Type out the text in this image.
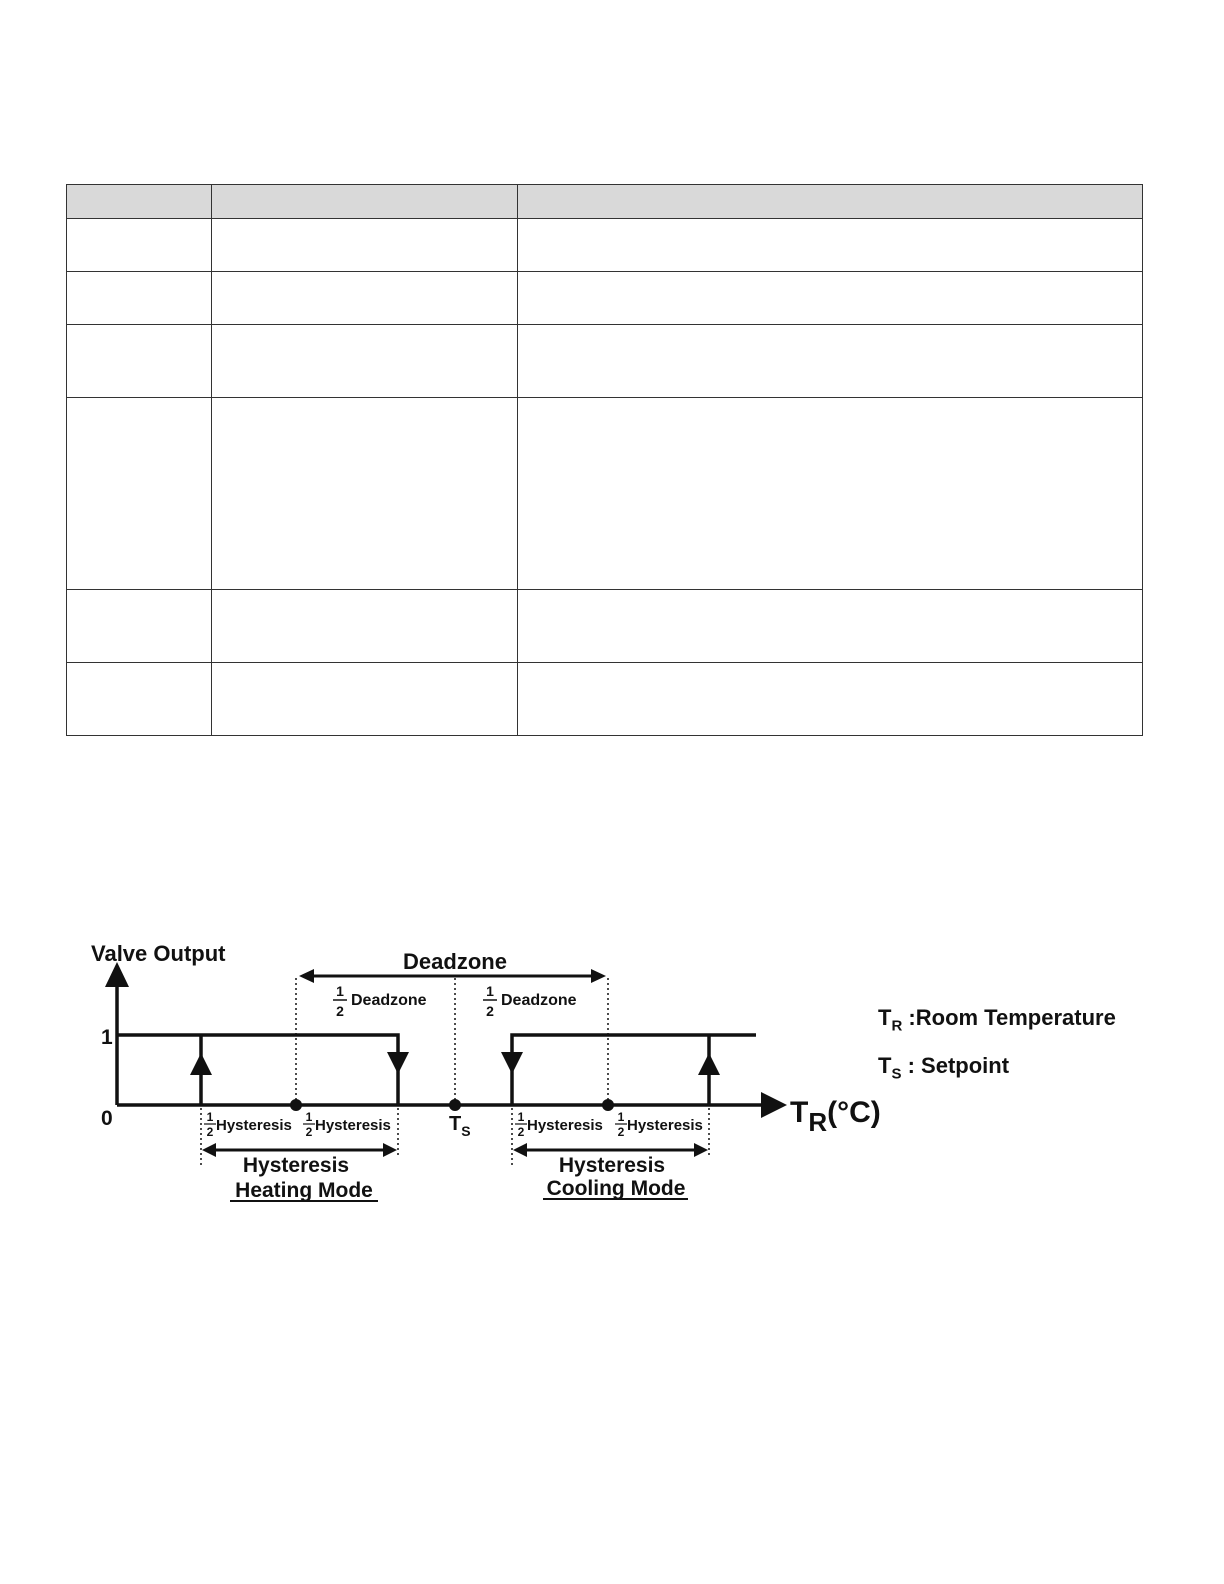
Valve Output
1
0	TR(°C)
Deadzone
1
2
Deadzone
1
2
Deadzone
$T_S$
1
2 Hysteresis 1
2 Hysteresis	1
2 Hysteresis 1
2 Hysteresis
Hysteresis
Heating Mode
Hysteresis
Cooling Mode
$T_R$ :Room Temperature
$T_S$ : Setpoint
